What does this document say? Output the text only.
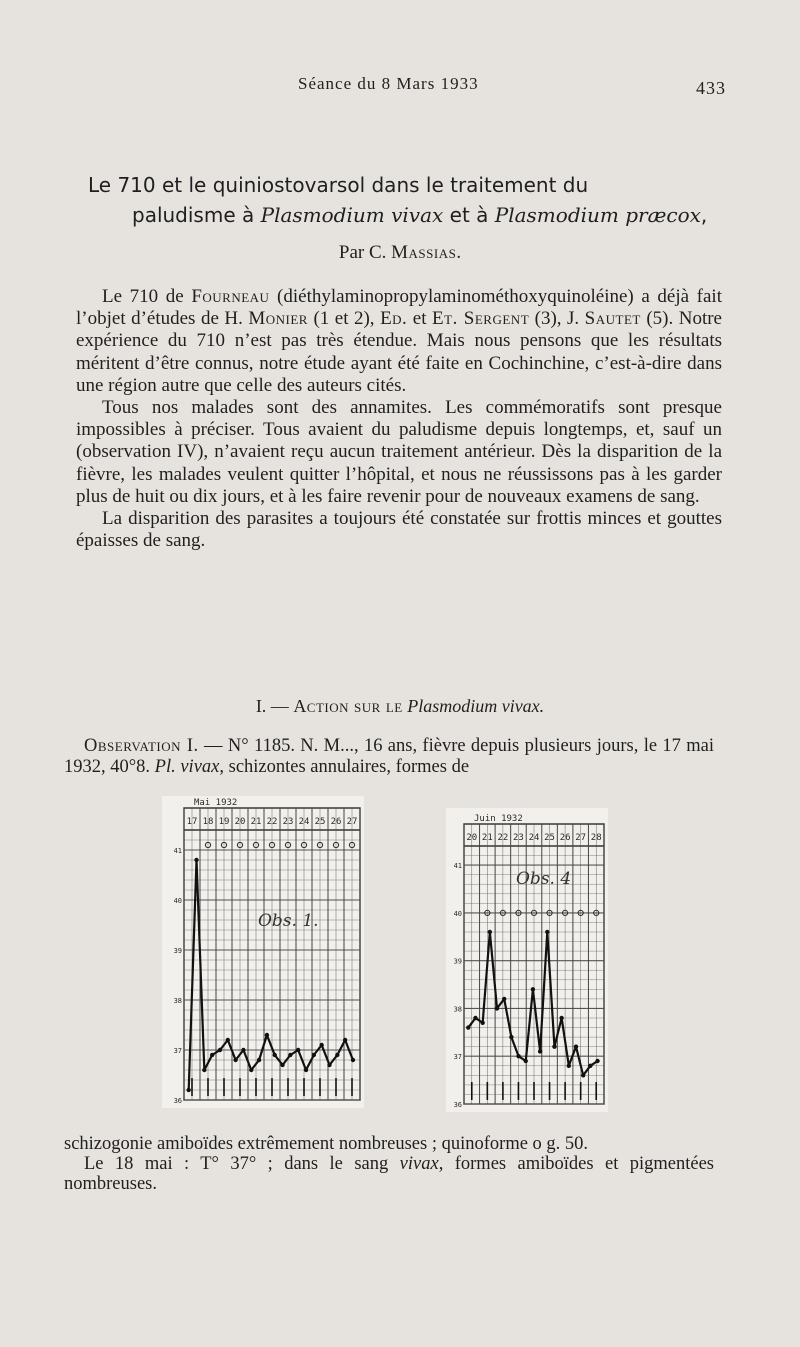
Séance du 8 Mars 1933	433
Le 710 et le quiniostovarsol dans le traitement du
paludisme à Plasmodium vivax et à Plasmodium præcox,
Par C. Massias.

Le 710 de Fourneau (diéthylaminopropylaminométhoxyquinoléine) a déjà fait l’objet d’études de H. Monier (1 et 2), Ed. et Et. Sergent (3), J. Sautet (5). Notre expérience du 710 n’est pas très étendue. Mais nous pensons que les résultats méritent d’être connus, notre étude ayant été faite en Cochinchine, c’est-à-dire dans une région autre que celle des auteurs cités.

Tous nos malades sont des annamites. Les commémoratifs sont presque impossibles à préciser. Tous avaient du paludisme depuis longtemps, et, sauf un (observation IV), n’avaient reçu aucun traitement antérieur. Dès la disparition de la fièvre, les malades veulent quitter l’hôpital, et nous ne réussissons pas à les garder plus de huit ou dix jours, et à les faire revenir pour de nouveaux examens de sang.

La disparition des parasites a toujours été constatée sur frottis minces et gouttes épaisses de sang.

I. — Action sur le Plasmodium vivax.

Observation I. — N° 1185. N. M..., 16 ans, fièvre depuis plusieurs jours, le 17 mai 1932, 40°8. Pl. vivax, schizontes annulaires, formes de

Mai 1932
17 18 19 20 21 22 23 24 25 26 27
41
40
39
38
37
36
Obs. 1.
Juin 1932
20 21 22 23 24 25 26 27 28
41
40
39
38
37
36
Obs. 4

schizogonie amiboïdes extrêmement nombreuses ; quinoforme o g. 50.

Le 18 mai : T° 37° ; dans le sang vivax, formes amiboïdes et pigmentées nombreuses.
